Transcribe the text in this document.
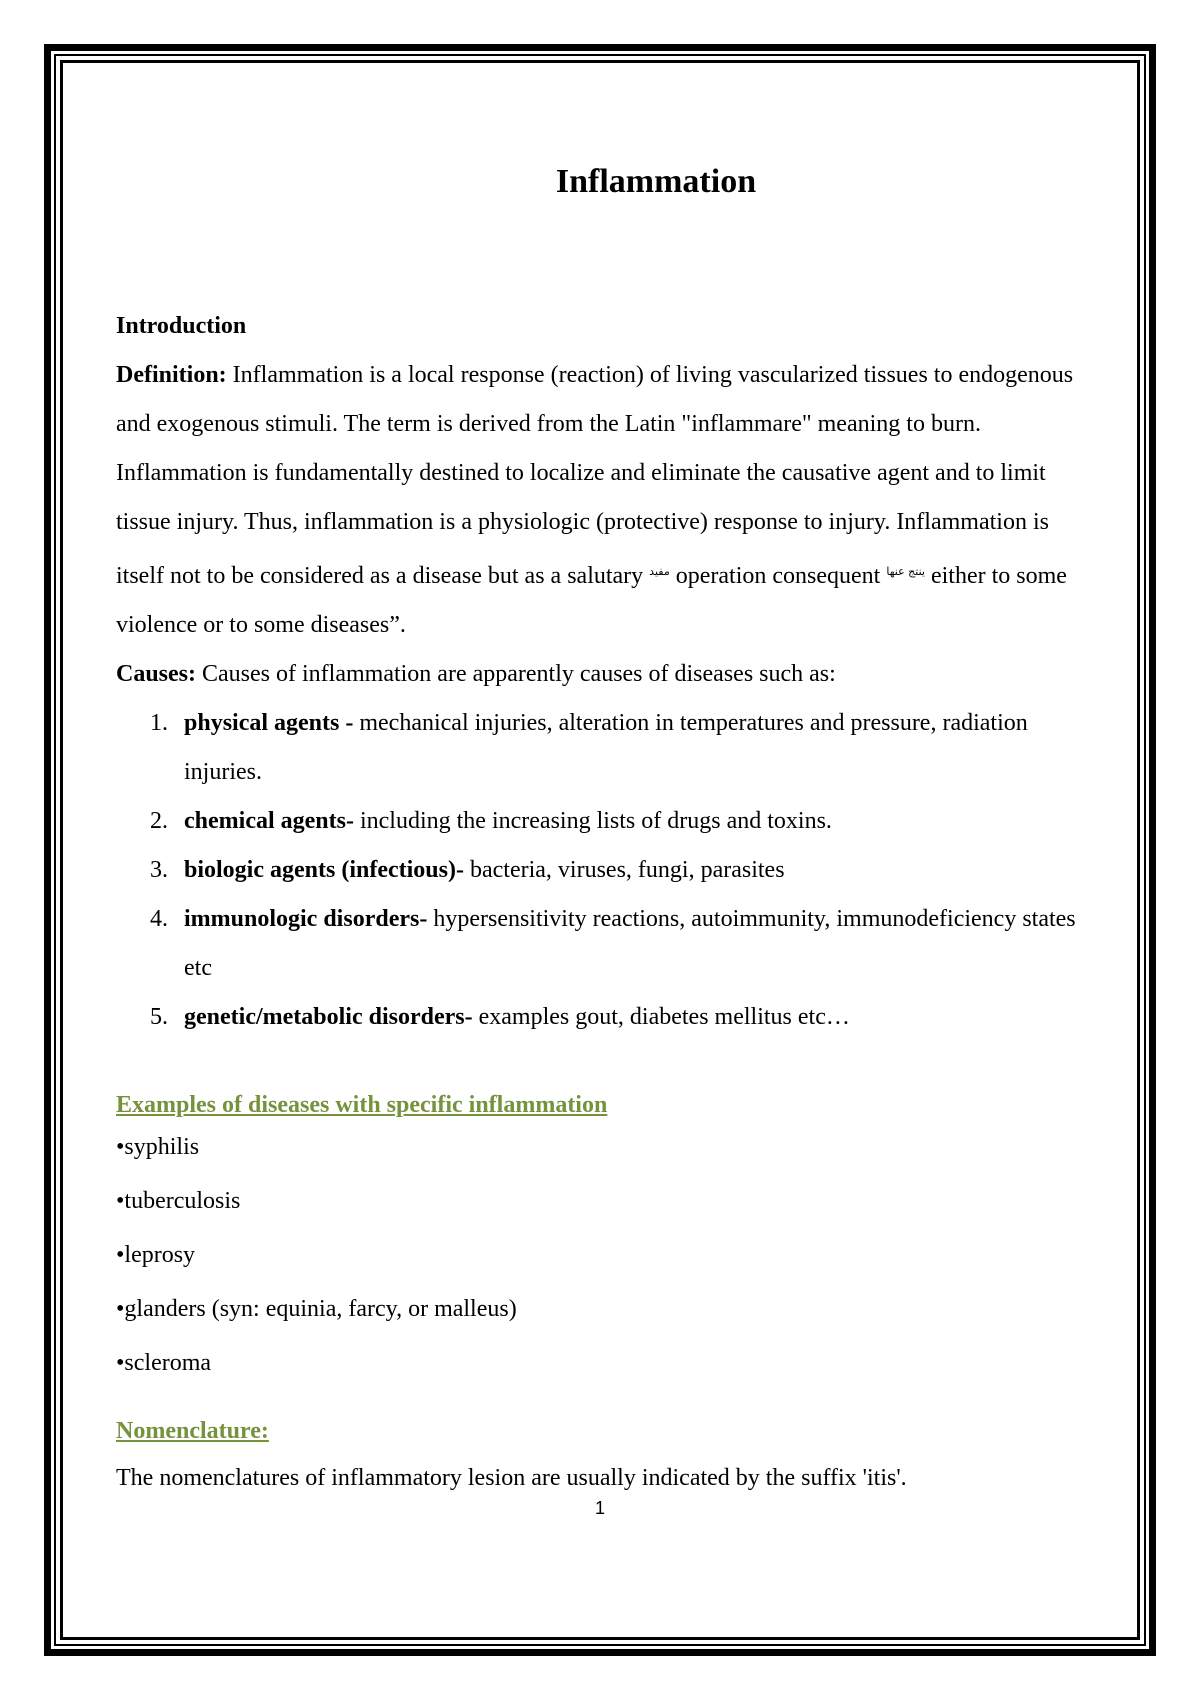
Inflammation

Introduction

Definition: Inflammation is a local response (reaction) of living vascularized tissues to endogenous and exogenous stimuli. The term is derived from the Latin "inflammare" meaning to burn. Inflammation is fundamentally destined to localize and eliminate the causative agent and to limit tissue injury. Thus, inflammation is a physiologic (protective) response to injury. Inflammation is itself not to be considered as a disease but as a salutary $^{مفيد}$ operation consequent $^{ينتج عنها}$ either to some violence or to some diseases”.

Causes: Causes of inflammation are apparently causes of diseases such as:

1. physical agents - mechanical injuries, alteration in temperatures and pressure, radiation injuries.
2. chemical agents- including the increasing lists of drugs and toxins.
3. biologic agents (infectious)- bacteria, viruses, fungi, parasites
4. immunologic disorders- hypersensitivity reactions, autoimmunity, immunodeficiency states etc
5. genetic/metabolic disorders- examples gout, diabetes mellitus etc…

Examples of diseases with specific inflammation

•syphilis
•tuberculosis
•leprosy
•glanders (syn: equinia, farcy, or malleus)
•scleroma

Nomenclature:

The nomenclatures of inflammatory lesion are usually indicated by the suffix 'itis'.

1
